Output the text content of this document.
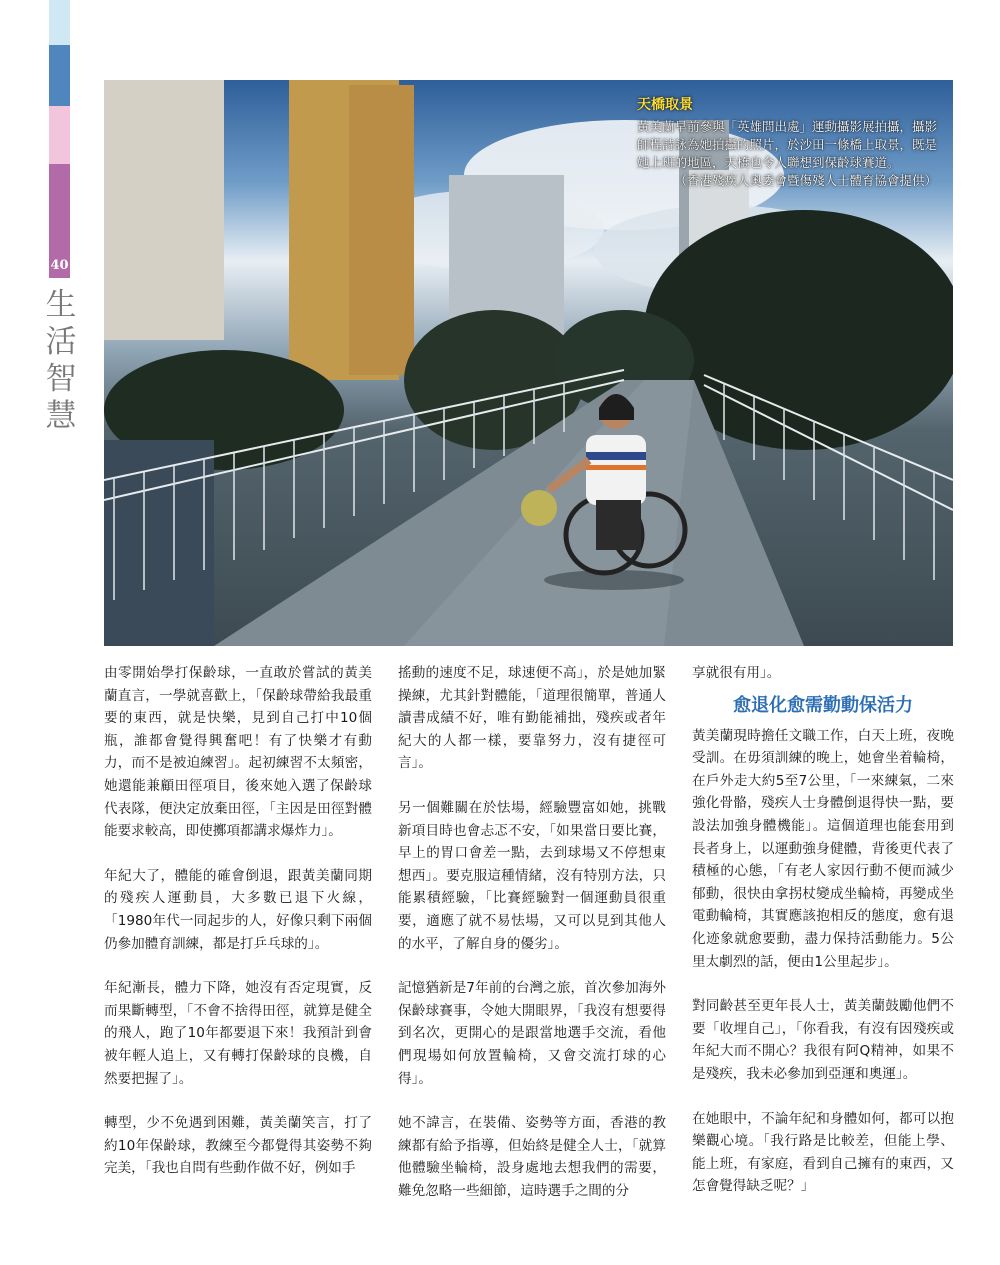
40
生
活
智
慧
天橋取景

黃美蘭早前參與「英雄問出處」運動攝影展拍攝，攝影師程詩詠為她拍攝的照片，於沙田一條橋上取景，既是她上班的地區，天橋也令人聯想到保齡球賽道。

（香港殘疾人奧委會暨傷殘人士體育協會提供）

由零開始學打保齡球，一直敢於嘗試的黃美蘭直言，一學就喜歡上，「保齡球帶給我最重要的東西，就是快樂，見到自己打中10個瓶，誰都會覺得興奮吧！有了快樂才有動力，而不是被迫練習」。起初練習不太頻密，她還能兼顧田徑項目，後來她入選了保齡球代表隊，便決定放棄田徑，「主因是田徑對體能要求較高，即使擲項都講求爆炸力」。

年紀大了，體能的確會倒退，跟黃美蘭同期的殘疾人運動員，大多數已退下火線，「1980年代一同起步的人，好像只剩下兩個仍參加體育訓練，都是打乒乓球的」。

年紀漸長，體力下降，她沒有否定現實，反而果斷轉型，「不會不捨得田徑，就算是健全的飛人，跑了10年都要退下來！我預計到會被年輕人追上，又有轉打保齡球的良機，自然要把握了」。

轉型，少不免遇到困難，黃美蘭笑言，打了約10年保齡球，教練至今都覺得其姿勢不夠完美，「我也自問有些動作做不好，例如手

搖動的速度不足，球速便不高」，於是她加緊操練，尤其針對體能，「道理很簡單，普通人讀書成績不好，唯有勤能補拙，殘疾或者年紀大的人都一樣，要靠努力，沒有捷徑可言」。

另一個難關在於怯場，經驗豐富如她，挑戰新項目時也會忐忑不安，「如果當日要比賽，早上的胃口會差一點，去到球場又不停想東想西」。要克服這種情緒，沒有特別方法，只能累積經驗，「比賽經驗對一個運動員很重要，適應了就不易怯場，又可以見到其他人的水平，了解自身的優劣」。

記憶猶新是7年前的台灣之旅，首次參加海外保齡球賽事，令她大開眼界，「我沒有想要得到名次，更開心的是跟當地選手交流，看他們現場如何放置輪椅，又會交流打球的心得」。

她不諱言，在裝備、姿勢等方面，香港的教練都有給予指導，但始終是健全人士，「就算他體驗坐輪椅，設身處地去想我們的需要，難免忽略一些細節，這時選手之間的分

享就很有用」。

愈退化愈需勤動保活力

黃美蘭現時擔任文職工作，白天上班，夜晚受訓。在毋須訓練的晚上，她會坐着輪椅，在戶外走大約5至7公里，「一來練氣，二來強化骨骼，殘疾人士身體倒退得快一點，要設法加強身體機能」。這個道理也能套用到長者身上，以運動強身健體，背後更代表了積極的心態，「有老人家因行動不便而減少郁動，很快由拿拐杖變成坐輪椅，再變成坐電動輪椅，其實應該抱相反的態度，愈有退化迹象就愈要動，盡力保持活動能力。5公里太劇烈的話，便由1公里起步」。

對同齡甚至更年長人士，黃美蘭鼓勵他們不要「收埋自己」，「你看我，有沒有因殘疾或年紀大而不開心？我很有阿Q精神，如果不是殘疾，我未必參加到亞運和奧運」。

在她眼中，不論年紀和身體如何，都可以抱樂觀心境。「我行路是比較差，但能上學、能上班，有家庭，看到自己擁有的東西，又怎會覺得缺乏呢？」
